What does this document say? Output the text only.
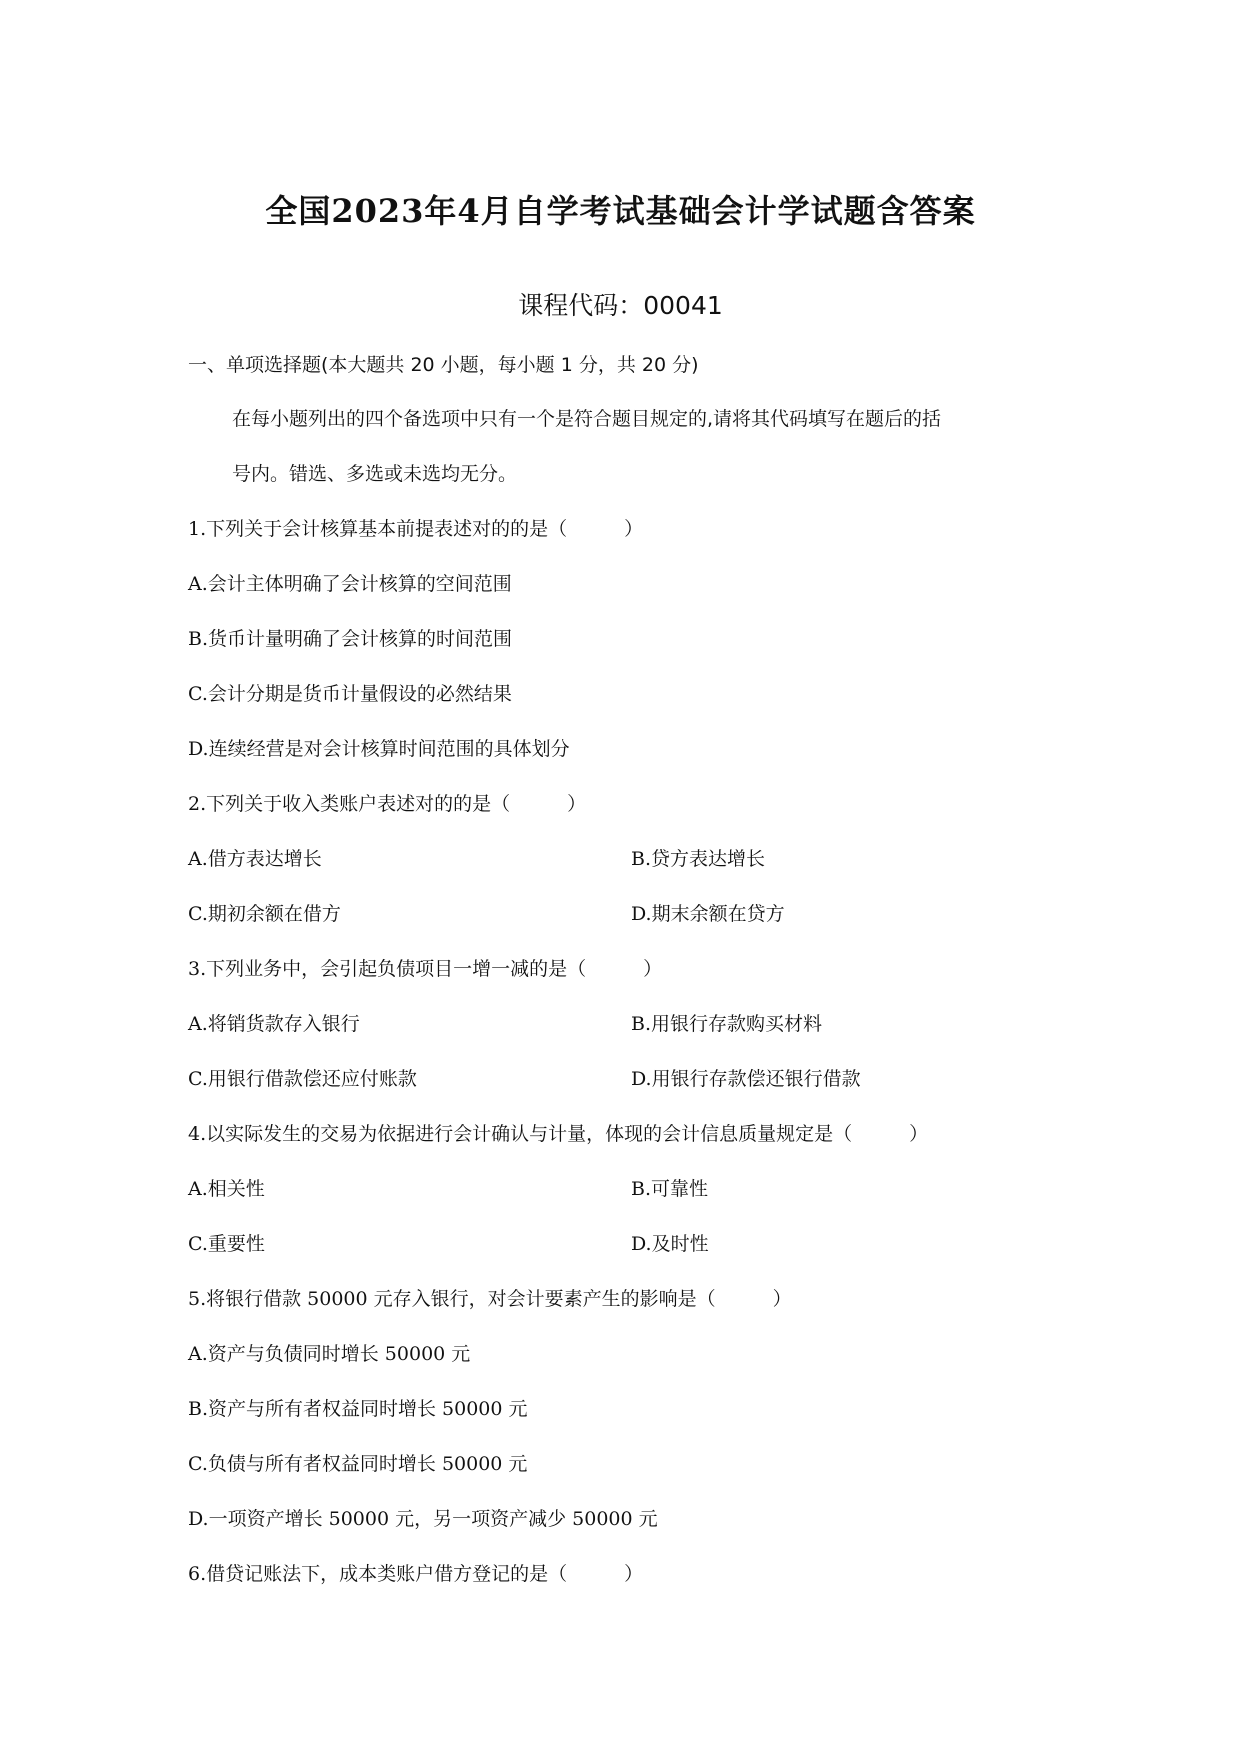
全国2023年4月自学考试基础会计学试题含答案
课程代码：00041
一、单项选择题(本大题共 20 小题，每小题 1 分，共 20 分)
在每小题列出的四个备选项中只有一个是符合题目规定的,请将其代码填写在题后的括
号内。错选、多选或未选均无分。
1.下列关于会计核算基本前提表述对的的是（　　　）
A.会计主体明确了会计核算的空间范围
B.货币计量明确了会计核算的时间范围
C.会计分期是货币计量假设的必然结果
D.连续经营是对会计核算时间范围的具体划分
2.下列关于收入类账户表述对的的是（　　　）
A.借方表达增长	B.贷方表达增长
C.期初余额在借方	D.期末余额在贷方
3.下列业务中，会引起负债项目一增一减的是（　　　）
A.将销货款存入银行	B.用银行存款购买材料
C.用银行借款偿还应付账款	D.用银行存款偿还银行借款
4.以实际发生的交易为依据进行会计确认与计量，体现的会计信息质量规定是（　　　）
A.相关性	B.可靠性
C.重要性	D.及时性
5.将银行借款 50000 元存入银行，对会计要素产生的影响是（　　　）
A.资产与负债同时增长 50000 元
B.资产与所有者权益同时增长 50000 元
C.负债与所有者权益同时增长 50000 元
D.一项资产增长 50000 元，另一项资产减少 50000 元
6.借贷记账法下，成本类账户借方登记的是（　　　）
